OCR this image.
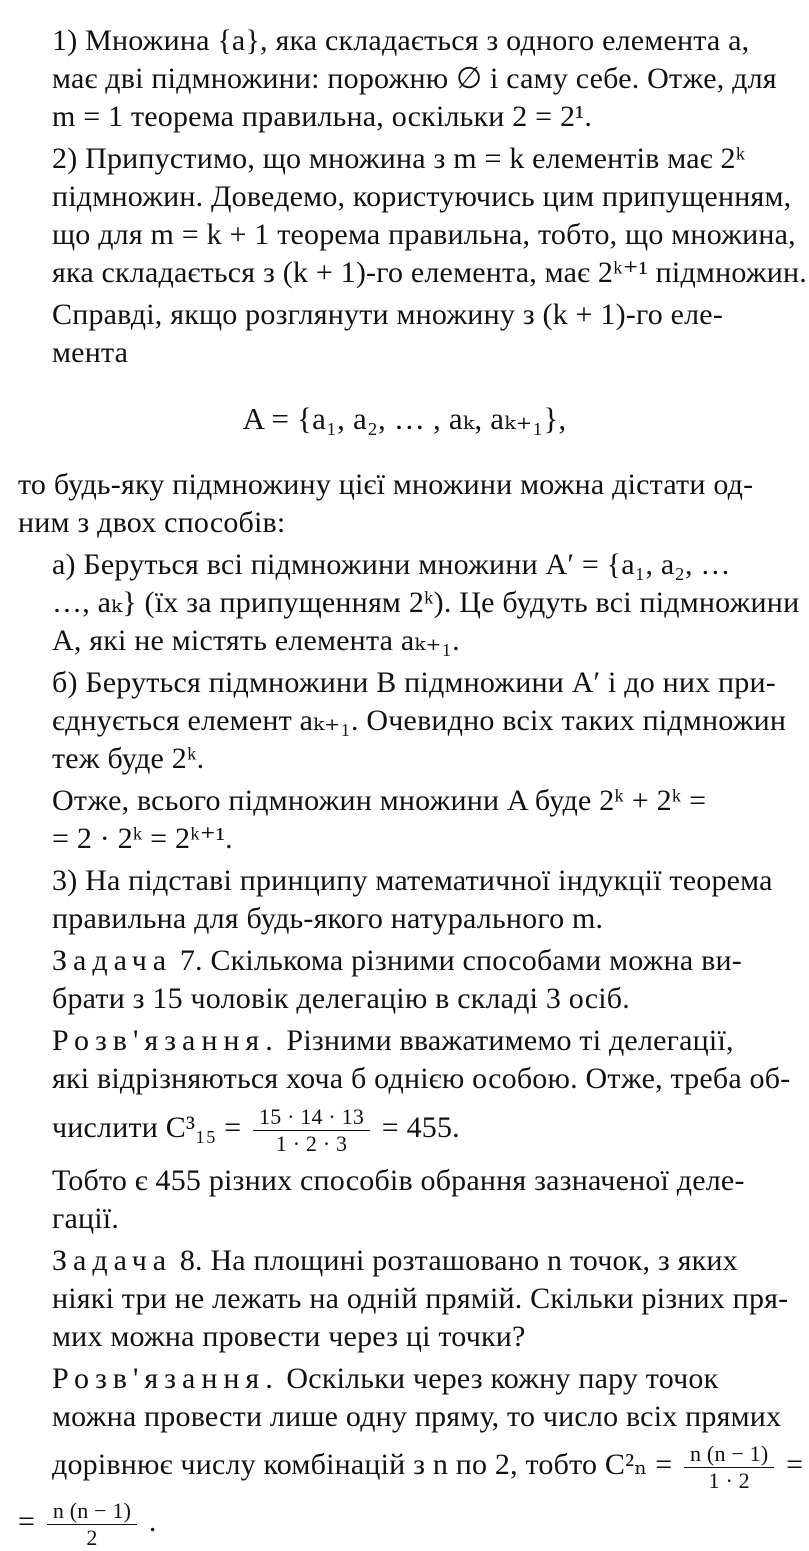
1) Множина {a}, яка складається з одного елемента a,
має дві підмножини: порожню ∅ і саму себе. Отже, для
m = 1 теорема правильна, оскільки 2 = 2¹.
2) Припустимо, що множина з m = k елементів має 2ᵏ
підмножин. Доведемо, користуючись цим припущенням,
що для m = k + 1 теорема правильна, тобто, що множина,
яка складається з (k + 1)-го елемента, має 2ᵏ⁺¹ підмножин.
Справді, якщо розглянути множину з (k + 1)-го еле-
мента
A = {a₁, a₂, … , aₖ, aₖ₊₁},
то будь-яку підмножину цієї множини можна дістати од-
ним з двох способів:
а) Беруться всі підмножини множини A′ = {a₁, a₂, …
…, aₖ} (їх за припущенням 2ᵏ). Це будуть всі підмножини
A, які не містять елемента aₖ₊₁.
б) Беруться підмножини B підмножини A′ і до них при-
єднується елемент aₖ₊₁. Очевидно всіх таких підмножин
теж буде 2ᵏ.
Отже, всього підмножин множини A буде 2ᵏ + 2ᵏ =
= 2 · 2ᵏ = 2ᵏ⁺¹.
3) На підставі принципу математичної індукції теорема
правильна для будь-якого натурального m.
Задача 7. Скількома різними способами можна ви-
брати з 15 чоловік делегацію в складі 3 осіб.
Розв'язання. Різними вважатимемо ті делегації,
які відрізняються хоча б однією особою. Отже, треба об-
числити $C^3_{15} = \frac{15 \cdot 14 \cdot 13}{1 \cdot 2 \cdot 3} = 455$.
Тобто є 455 різних способів обрання зазначеної деле-
гації.
Задача 8. На площині розташовано n точок, з яких
ніякі три не лежать на одній прямій. Скільки різних пря-
мих можна провести через ці точки?
Розв'язання. Оскільки через кожну пару точок
можна провести лише одну пряму, то число всіх прямих
дорівнює числу комбінацій з n по 2, тобто $C^2_n = \frac{n (n - 1)}{1 \cdot 2}$ =
= $\frac{n (n - 1)}{2}$ .
